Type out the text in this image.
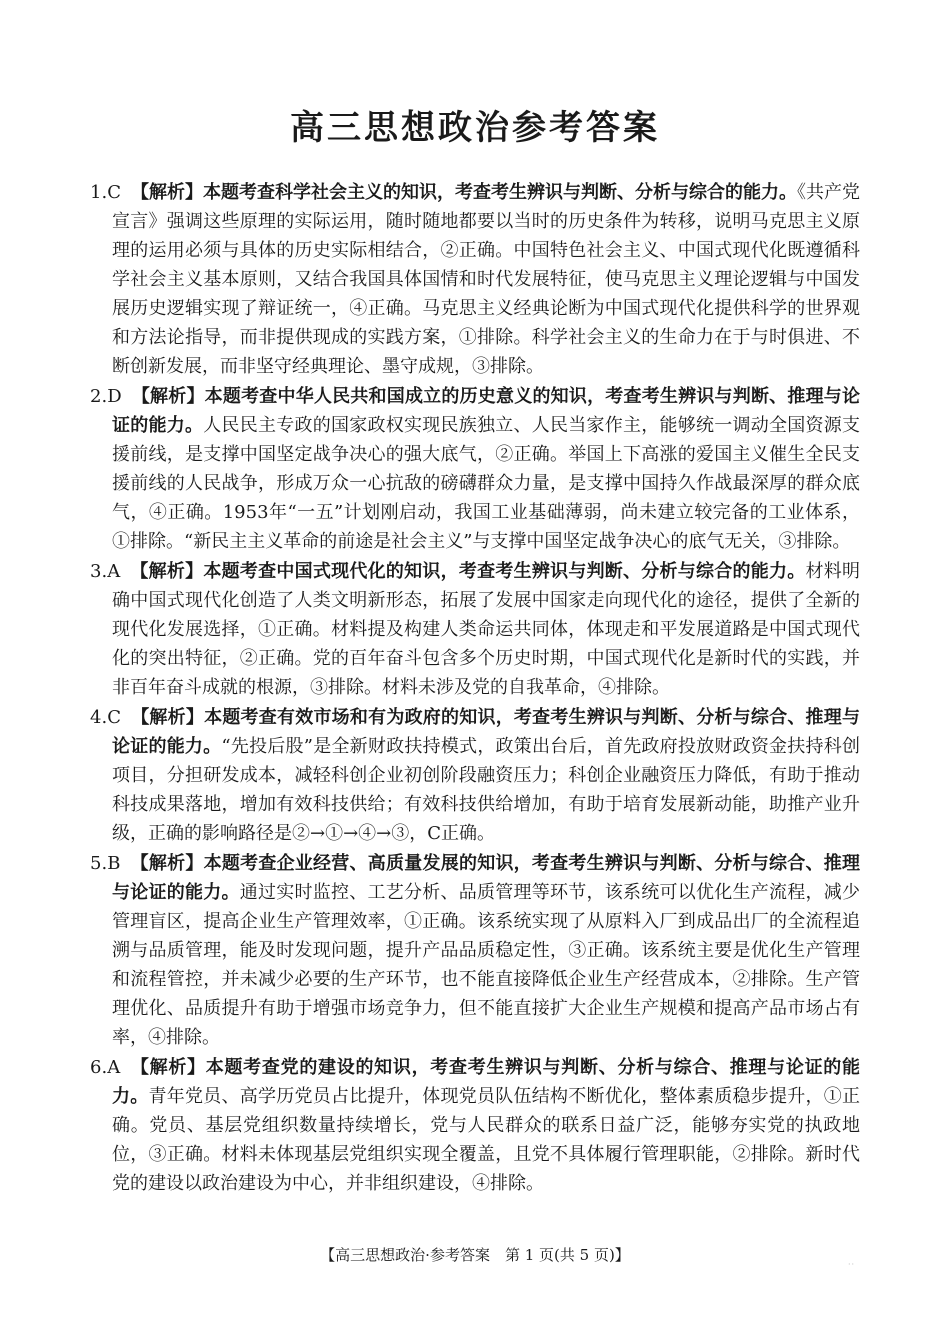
高三思想政治参考答案

1.C 【解析】本题考查科学社会主义的知识，考查考生辨识与判断、分析与综合的能力。《共产党宣言》强调这些原理的实际运用，随时随地都要以当时的历史条件为转移，说明马克思主义原理的运用必须与具体的历史实际相结合，②正确。中国特色社会主义、中国式现代化既遵循科学社会主义基本原则，又结合我国具体国情和时代发展特征，使马克思主义理论逻辑与中国发展历史逻辑实现了辩证统一，④正确。马克思主义经典论断为中国式现代化提供科学的世界观和方法论指导，而非提供现成的实践方案，①排除。科学社会主义的生命力在于与时俱进、不断创新发展，而非坚守经典理论、墨守成规，③排除。

2.D 【解析】本题考查中华人民共和国成立的历史意义的知识，考查考生辨识与判断、推理与论证的能力。人民民主专政的国家政权实现民族独立、人民当家作主，能够统一调动全国资源支援前线，是支撑中国坚定战争决心的强大底气，②正确。举国上下高涨的爱国主义催生全民支援前线的人民战争，形成万众一心抗敌的磅礴群众力量，是支撑中国持久作战最深厚的群众底气，④正确。1953年“一五”计划刚启动，我国工业基础薄弱，尚未建立较完备的工业体系，①排除。“新民主主义革命的前途是社会主义”与支撑中国坚定战争决心的底气无关，③排除。

3.A 【解析】本题考查中国式现代化的知识，考查考生辨识与判断、分析与综合的能力。材料明确中国式现代化创造了人类文明新形态，拓展了发展中国家走向现代化的途径，提供了全新的现代化发展选择，①正确。材料提及构建人类命运共同体，体现走和平发展道路是中国式现代化的突出特征，②正确。党的百年奋斗包含多个历史时期，中国式现代化是新时代的实践，并非百年奋斗成就的根源，③排除。材料未涉及党的自我革命，④排除。

4.C 【解析】本题考查有效市场和有为政府的知识，考查考生辨识与判断、分析与综合、推理与论证的能力。“先投后股”是全新财政扶持模式，政策出台后，首先政府投放财政资金扶持科创项目，分担研发成本，减轻科创企业初创阶段融资压力；科创企业融资压力降低，有助于推动科技成果落地，增加有效科技供给；有效科技供给增加，有助于培育发展新动能，助推产业升级，正确的影响路径是②→①→④→③，C正确。

5.B 【解析】本题考查企业经营、高质量发展的知识，考查考生辨识与判断、分析与综合、推理与论证的能力。通过实时监控、工艺分析、品质管理等环节，该系统可以优化生产流程，减少管理盲区，提高企业生产管理效率，①正确。该系统实现了从原料入厂到成品出厂的全流程追溯与品质管理，能及时发现问题，提升产品品质稳定性，③正确。该系统主要是优化生产管理和流程管控，并未减少必要的生产环节，也不能直接降低企业生产经营成本，②排除。生产管理优化、品质提升有助于增强市场竞争力，但不能直接扩大企业生产规模和提高产品市场占有率，④排除。

6.A 【解析】本题考查党的建设的知识，考查考生辨识与判断、分析与综合、推理与论证的能力。青年党员、高学历党员占比提升，体现党员队伍结构不断优化，整体素质稳步提升，①正确。党员、基层党组织数量持续增长，党与人民群众的联系日益广泛，能够夯实党的执政地位，③正确。材料未体现基层党组织实现全覆盖，且党不具体履行管理职能，②排除。新时代党的建设以政治建设为中心，并非组织建设，④排除。

【高三思想政治·参考答案　第 1 页(共 5 页)】
··
